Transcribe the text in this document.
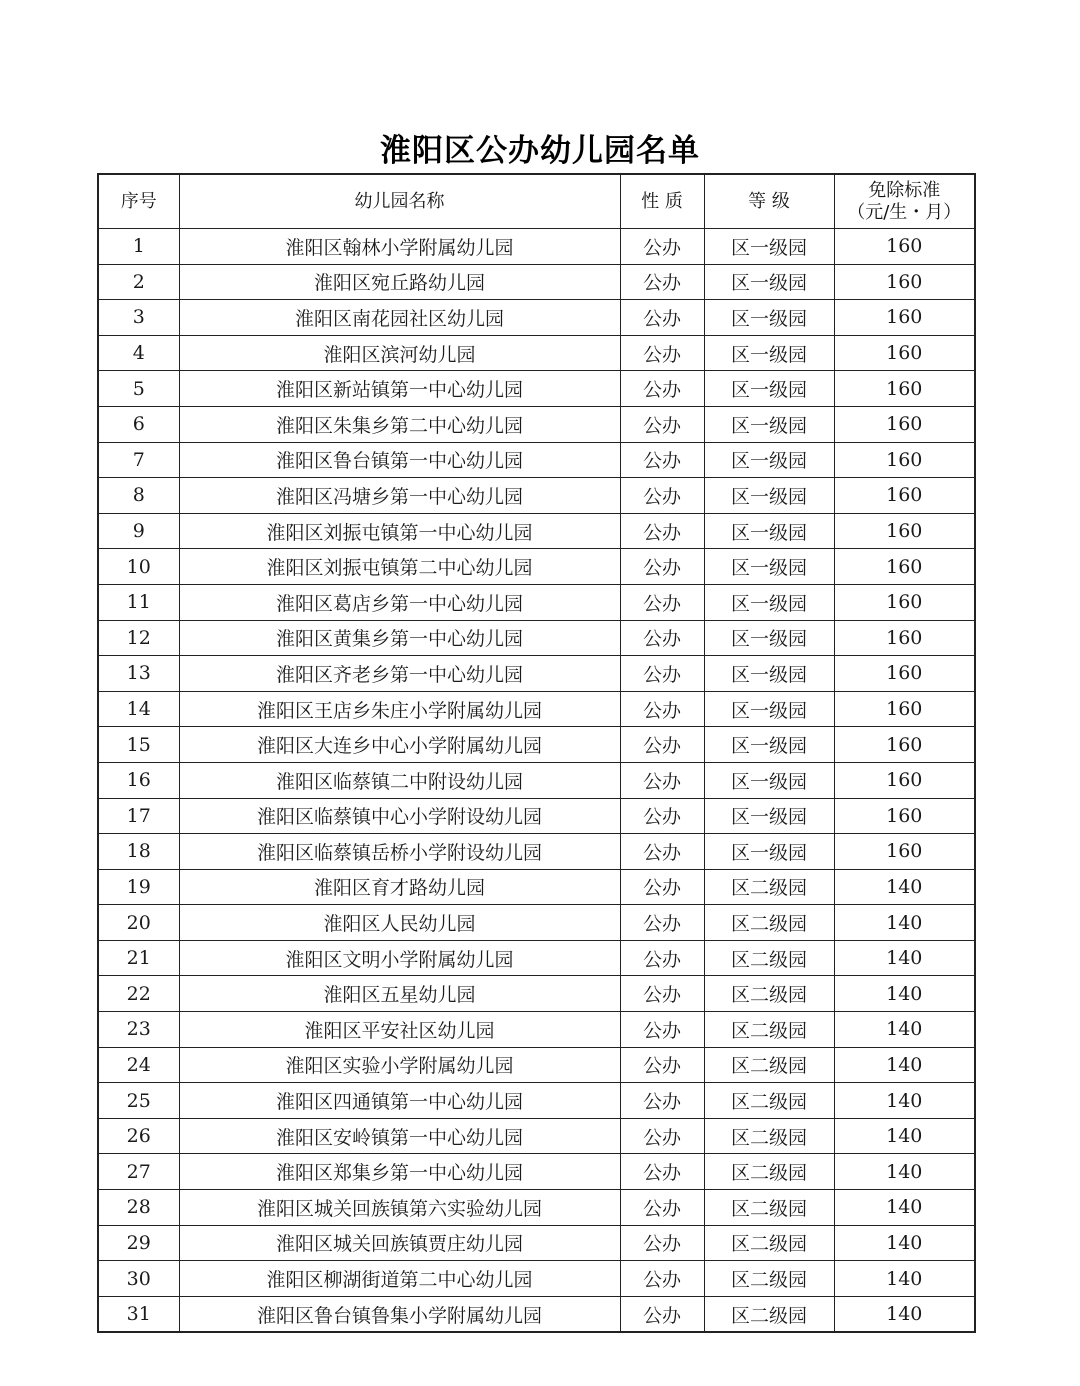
淮阳区公办幼儿园名单
序号	幼儿园名称	性 质	等 级	免除标准
（元/生・月）

1	淮阳区翰林小学附属幼儿园	公办	区一级园	160
2	淮阳区宛丘路幼儿园	公办	区一级园	160
3	淮阳区南花园社区幼儿园	公办	区一级园	160
4	淮阳区滨河幼儿园	公办	区一级园	160
5	淮阳区新站镇第一中心幼儿园	公办	区一级园	160
6	淮阳区朱集乡第二中心幼儿园	公办	区一级园	160
7	淮阳区鲁台镇第一中心幼儿园	公办	区一级园	160
8	淮阳区冯塘乡第一中心幼儿园	公办	区一级园	160
9	淮阳区刘振屯镇第一中心幼儿园	公办	区一级园	160
10	淮阳区刘振屯镇第二中心幼儿园	公办	区一级园	160
11	淮阳区葛店乡第一中心幼儿园	公办	区一级园	160
12	淮阳区黄集乡第一中心幼儿园	公办	区一级园	160
13	淮阳区齐老乡第一中心幼儿园	公办	区一级园	160
14	淮阳区王店乡朱庄小学附属幼儿园	公办	区一级园	160
15	淮阳区大连乡中心小学附属幼儿园	公办	区一级园	160
16	淮阳区临蔡镇二中附设幼儿园	公办	区一级园	160
17	淮阳区临蔡镇中心小学附设幼儿园	公办	区一级园	160
18	淮阳区临蔡镇岳桥小学附设幼儿园	公办	区一级园	160
19	淮阳区育才路幼儿园	公办	区二级园	140
20	淮阳区人民幼儿园	公办	区二级园	140
21	淮阳区文明小学附属幼儿园	公办	区二级园	140
22	淮阳区五星幼儿园	公办	区二级园	140
23	淮阳区平安社区幼儿园	公办	区二级园	140
24	淮阳区实验小学附属幼儿园	公办	区二级园	140
25	淮阳区四通镇第一中心幼儿园	公办	区二级园	140
26	淮阳区安岭镇第一中心幼儿园	公办	区二级园	140
27	淮阳区郑集乡第一中心幼儿园	公办	区二级园	140
28	淮阳区城关回族镇第六实验幼儿园	公办	区二级园	140
29	淮阳区城关回族镇贾庄幼儿园	公办	区二级园	140
30	淮阳区柳湖街道第二中心幼儿园	公办	区二级园	140
31	淮阳区鲁台镇鲁集小学附属幼儿园	公办	区二级园	140
